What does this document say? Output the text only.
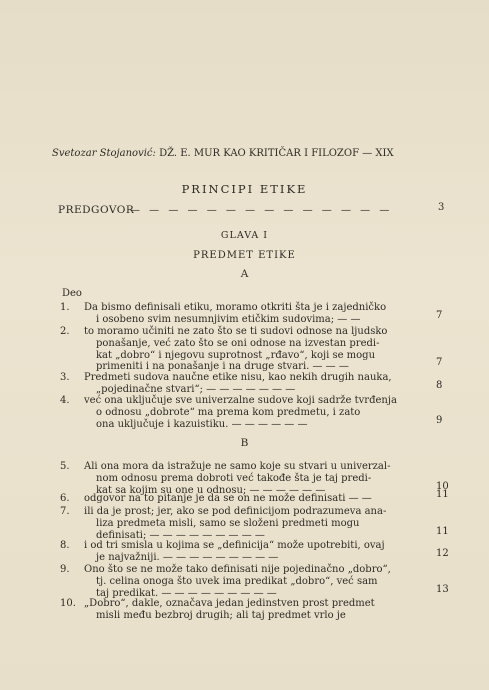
Svetozar Stojanović: DŽ. E. MUR KAO KRITIČAR I FILOZOF — XIX
PRINCIPI ETIKE
PREDGOVOR
— — — — — — — — — — — — — —	3
GLAVA I
PREDMET ETIKE
A
Deo
B
1. Da bismo definisali etiku, moramo otkriti šta je i zajedničko
i osobeno svim nesumnjivim etičkim sudovima; — —	7
2. to moramo učiniti ne zato što se ti sudovi odnose na ljudsko
ponašanje, već zato što se oni odnose na izvestan predi-
kat „dobro“ i njegovu suprotnost „rđavo“, koji se mogu
primeniti i na ponašanje i na druge stvari. — — —	7
3. Predmeti sudova naučne etike nisu, kao nekih drugih nauka,
„pojedinačne stvari“; — — — — — — —	8
4. već ona uključuje sve univerzalne sudove koji sadrže tvrđenja
o odnosu „dobrote“ ma prema kom predmetu, i zato
ona uključuje i kazuistiku. — — — — — —	9
5. Ali ona mora da istražuje ne samo koje su stvari u univerzal-
nom odnosu prema dobroti već takođe šta je taj predi-
kat sa kojim su one u odnosu; — — — — — —	10
6. odgovor na to pitanje je da se on ne može definisati — —	11
7. ili da je prost; jer, ako se pod definicijom podrazumeva ana-
liza predmeta misli, samo se složeni predmeti mogu
definisati; — — — — — — — — —	11
8. i od tri smisla u kojima se „definicija“ može upotrebiti, ovaj
je najvažniji. — — — — — — — — —	12
9. Ono što se ne može tako definisati nije pojedinačno „dobro“,
tj. celina onoga što uvek ima predikat „dobro“, već sam
taj predikat. — — — — — — — — —	13
10. „Dobro“, dakle, označava jedan jedinstven prost predmet
misli među bezbroj drugih; ali taj predmet vrlo je
